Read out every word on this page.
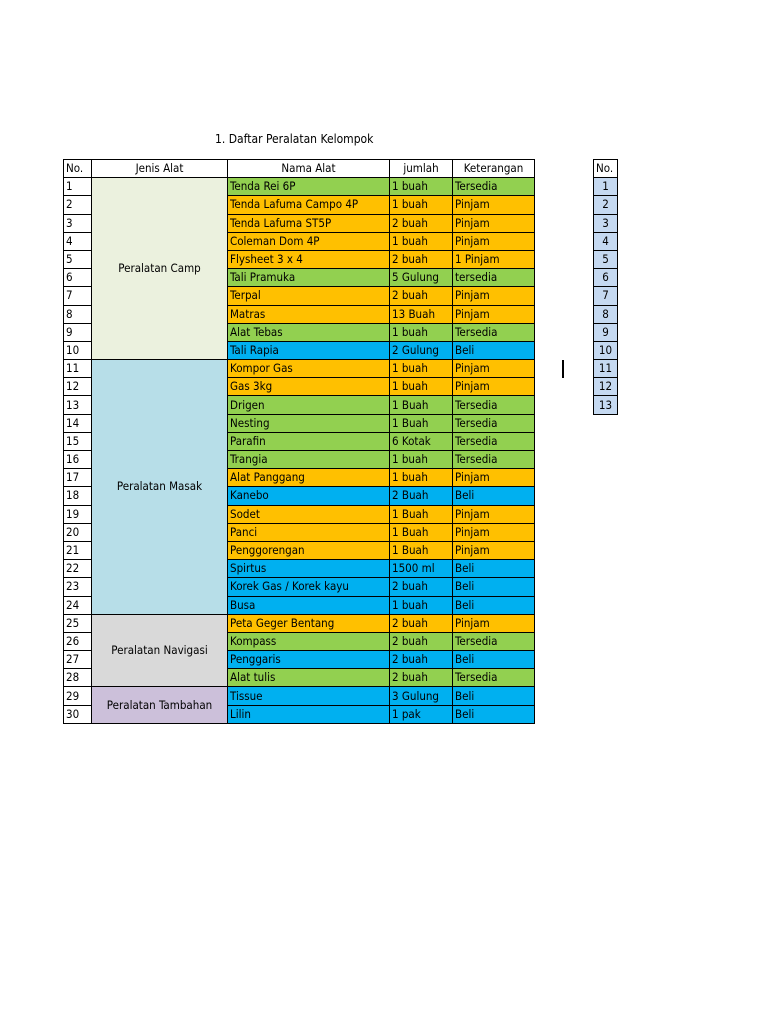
1. Daftar Peralatan Kelompok
No.	Jenis Alat	Nama Alat	jumlah	Keterangan
1	Peralatan Camp	Tenda Rei 6P	1 buah	Tersedia
2		Tenda Lafuma Campo 4P	1 buah	Pinjam
3		Tenda Lafuma ST5P	2 buah	Pinjam
4		Coleman Dom 4P	1 buah	Pinjam
5		Flysheet 3 x 4	2 buah	1 Pinjam
6		Tali Pramuka	5 Gulung	tersedia
7		Terpal	2 buah	Pinjam
8		Matras	13 Buah	Pinjam
9		Alat Tebas	1 buah	Tersedia
10		Tali Rapia	2 Gulung	Beli
11	Peralatan Masak	Kompor Gas	1 buah	Pinjam
12		Gas 3kg	1 buah	Pinjam
13		Drigen	1 Buah	Tersedia
14		Nesting	1 Buah	Tersedia
15		Parafin	6 Kotak	Tersedia
16		Trangia	1 buah	Tersedia
17		Alat Panggang	1 buah	Pinjam
18		Kanebo	2 Buah	Beli
19		Sodet	1 Buah	Pinjam
20		Panci	1 Buah	Pinjam
21		Penggorengan	1 Buah	Pinjam
22		Spirtus	1500 ml	Beli
23		Korek Gas / Korek kayu	2 buah	Beli
24		Busa	1 buah	Beli
25	Peralatan Navigasi	Peta Geger Bentang	2 buah	Pinjam
26		Kompass	2 buah	Tersedia
27		Penggaris	2 buah	Beli
28		Alat tulis	2 buah	Tersedia
29	Peralatan Tambahan	Tissue	3 Gulung	Beli
30		Lilin	1 pak	Beli
No.
1
2
3
4
5
6
7
8
9
10
11
12
13
